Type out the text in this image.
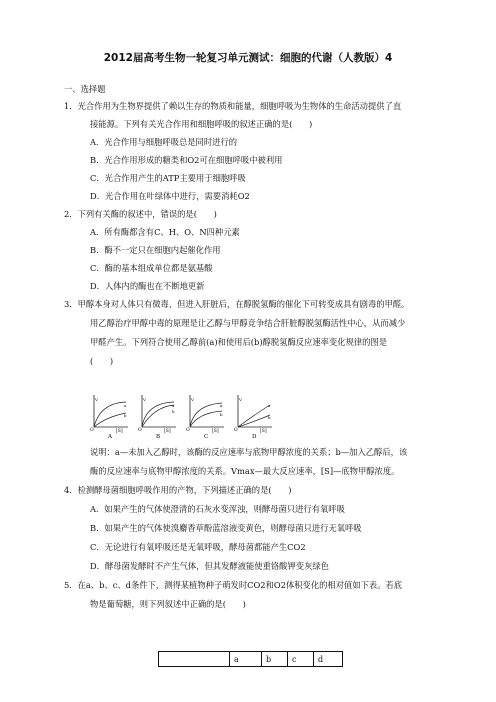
2012届高考生物一轮复习单元测试：细胞的代谢（人教版）4
一、选择题
1．光合作用为生物界提供了赖以生存的物质和能量，细胞呼吸为生物体的生命活动提供了直
接能源。下列有关光合作用和细胞呼吸的叙述正确的是(　　)
A．光合作用与细胞呼吸总是同时进行的
B．光合作用形成的糖类和O2可在细胞呼吸中被利用
C．光合作用产生的ATP主要用于细胞呼吸
D．光合作用在叶绿体中进行，需要消耗O2
2．下列有关酶的叙述中，错误的是(　　)
A．所有酶都含有C、H、O、N四种元素
B．酶不一定只在细胞内起催化作用
C．酶的基本组成单位都是氨基酸
D．人体内的酶也在不断地更新
3．甲醇本身对人体只有微毒，但进入肝脏后，在醇脱氢酶的催化下可转变成具有剧毒的甲醛。
用乙醇治疗甲醇中毒的原理是让乙醇与甲醇竞争结合肝脏醇脱氢酶活性中心，从而减少
甲醛产生。下列符合使用乙醇前(a)和使用后(b)醇脱氢酶反应速率变化规律的图是
(　　)
V
a
b
O	[S]
A
V
a
b
O	[S]
B
V
a
b
O	[S]
C
V
a
b
O	[S]
D
说明：a—未加入乙醇时，该酶的反应速率与底物甲醇浓度的关系；b—加入乙醇后，该
酶的反应速率与底物甲醇浓度的关系。Vmax—最大反应速率，[S]—底物甲醇浓度。
4．检测酵母菌细胞呼吸作用的产物，下列描述正确的是(　　)
A．如果产生的气体使澄清的石灰水变浑浊，则酵母菌只进行有氧呼吸
B．如果产生的气体使溴麝香草酚蓝溶液变黄色，则酵母菌只进行无氧呼吸
C．无论进行有氧呼吸还是无氧呼吸，酵母菌都能产生CO2
D．酵母菌发酵时不产生气体，但其发酵液能使重铬酸钾变灰绿色
5．在a、b、c、d条件下，测得某植物种子萌发时CO2和O2体积变化的相对值如下表。若底
物是葡萄糖，则下列叙述中正确的是(　　)
	a	b	c	d
